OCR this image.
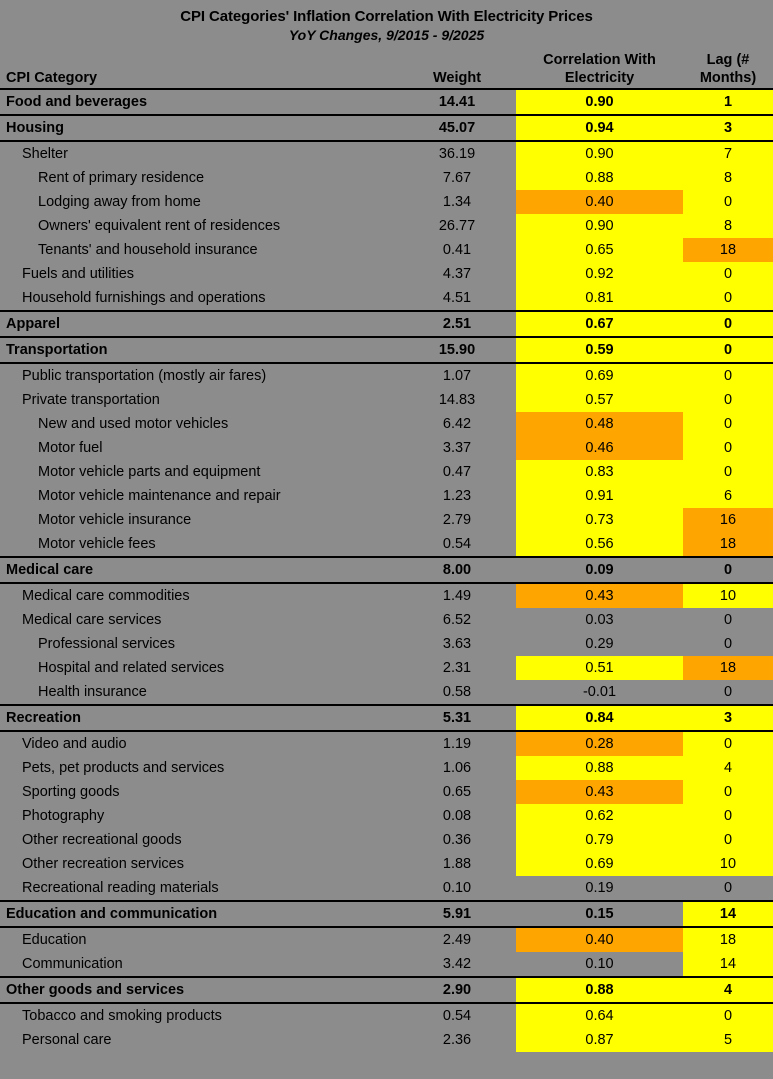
CPI Categories' Inflation Correlation With Electricity Prices
YoY Changes, 9/2015 - 9/2025
		Correlation With	Lag (#
CPI Category	Weight	Electricity	Months)
Food and beverages	14.41	0.90	1
Housing	45.07	0.94	3
Shelter	36.19	0.90	7
Rent of primary residence	7.67	0.88	8
Lodging away from home	1.34	0.40	0
Owners' equivalent rent of residences	26.77	0.90	8
Tenants' and household insurance	0.41	0.65	18
Fuels and utilities	4.37	0.92	0
Household furnishings and operations	4.51	0.81	0
Apparel	2.51	0.67	0
Transportation	15.90	0.59	0
Public transportation (mostly air fares)	1.07	0.69	0
Private transportation	14.83	0.57	0
New and used motor vehicles	6.42	0.48	0
Motor fuel	3.37	0.46	0
Motor vehicle parts and equipment	0.47	0.83	0
Motor vehicle maintenance and repair	1.23	0.91	6
Motor vehicle insurance	2.79	0.73	16
Motor vehicle fees	0.54	0.56	18
Medical care	8.00	0.09	0
Medical care commodities	1.49	0.43	10
Medical care services	6.52	0.03	0
Professional services	3.63	0.29	0
Hospital and related services	2.31	0.51	18
Health insurance	0.58	-0.01	0
Recreation	5.31	0.84	3
Video and audio	1.19	0.28	0
Pets, pet products and services	1.06	0.88	4
Sporting goods	0.65	0.43	0
Photography	0.08	0.62	0
Other recreational goods	0.36	0.79	0
Other recreation services	1.88	0.69	10
Recreational reading materials	0.10	0.19	0
Education and communication	5.91	0.15	14
Education	2.49	0.40	18
Communication	3.42	0.10	14
Other goods and services	2.90	0.88	4
Tobacco and smoking products	0.54	0.64	0
Personal care	2.36	0.87	5
